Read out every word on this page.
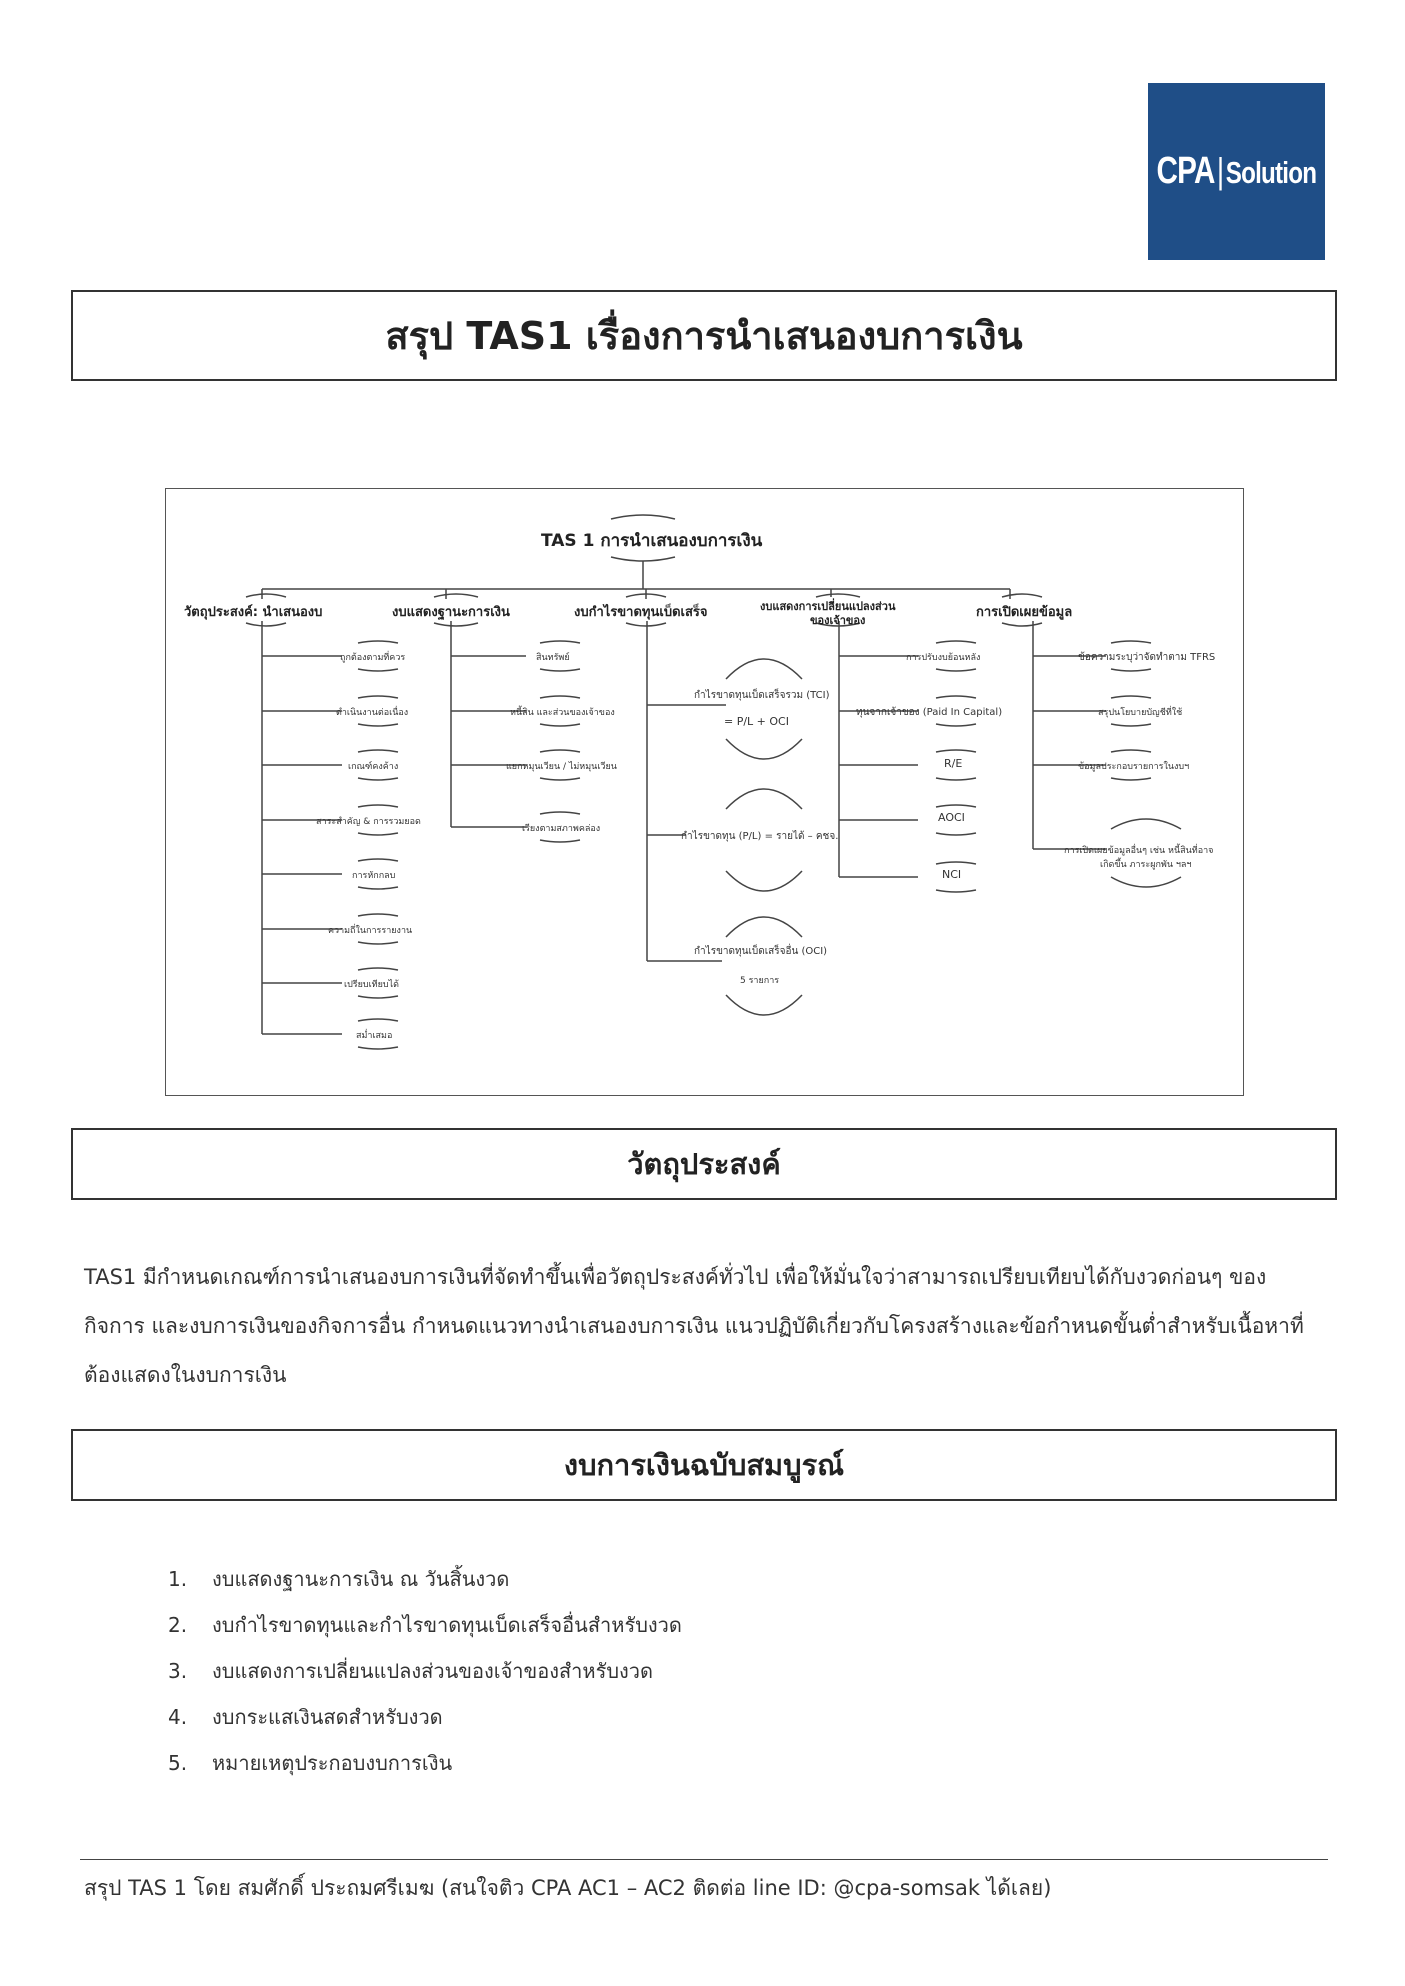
CPA|Solution
สรุป TAS1 เรื่องการนำเสนองบการเงิน
TAS 1 การนำเสนองบการเงิน
วัตถุประสงค์: นำเสนองบ	งบแสดงฐานะการเงิน	งบกำไรขาดทุนเบ็ดเสร็จ	งบแสดงการเปลี่ยนแปลงส่วน
ของเจ้าของ
การเปิดเผยข้อมูล
ถูกต้องตามที่ควร
ดำเนินงานต่อเนื่อง
เกณฑ์คงค้าง
สาระสำคัญ & การรวมยอด
การหักกลบ
ความถี่ในการรายงาน
เปรียบเทียบได้
สม่ำเสมอ
สินทรัพย์
หนี้สิน และส่วนของเจ้าของ
แยกหมุนเวียน / ไม่หมุนเวียน
เรียงตามสภาพคล่อง
กำไรขาดทุนเบ็ดเสร็จรวม (TCI)
= P/L + OCI
กำไรขาดทุน (P/L) = รายได้ – คชจ.
กำไรขาดทุนเบ็ดเสร็จอื่น (OCI)
5 รายการ
การปรับงบย้อนหลัง
ทุนจากเจ้าของ (Paid In Capital)
R/E
AOCI
NCI
ข้อความระบุว่าจัดทำตาม TFRS
สรุปนโยบายบัญชีที่ใช้
ข้อมูลประกอบรายการในงบฯ
การเปิดเผยข้อมูลอื่นๆ เช่น หนี้สินที่อาจ
เกิดขึ้น ภาระผูกพัน ฯลฯ
วัตถุประสงค์

TAS1 มีกำหนดเกณฑ์การนำเสนองบการเงินที่จัดทำขึ้นเพื่อวัตถุประสงค์ทั่วไป เพื่อให้มั่นใจว่าสามารถเปรียบเทียบได้กับงวดก่อนๆ ของ
กิจการ และงบการเงินของกิจการอื่น กำหนดแนวทางนำเสนองบการเงิน แนวปฏิบัติเกี่ยวกับโครงสร้างและข้อกำหนดขั้นต่ำสำหรับเนื้อหาที่
ต้องแสดงในงบการเงิน

งบการเงินฉบับสมบูรณ์
1.	งบแสดงฐานะการเงิน ณ วันสิ้นงวด
2.	งบกำไรขาดทุนและกำไรขาดทุนเบ็ดเสร็จอื่นสำหรับงวด
3.	งบแสดงการเปลี่ยนแปลงส่วนของเจ้าของสำหรับงวด
4.	งบกระแสเงินสดสำหรับงวด
5.	หมายเหตุประกอบงบการเงิน
สรุป TAS 1 โดย สมศักดิ์ ประถมศรีเมฆ (สนใจติว CPA AC1 – AC2 ติดต่อ line ID: @cpa-somsak ได้เลย)
